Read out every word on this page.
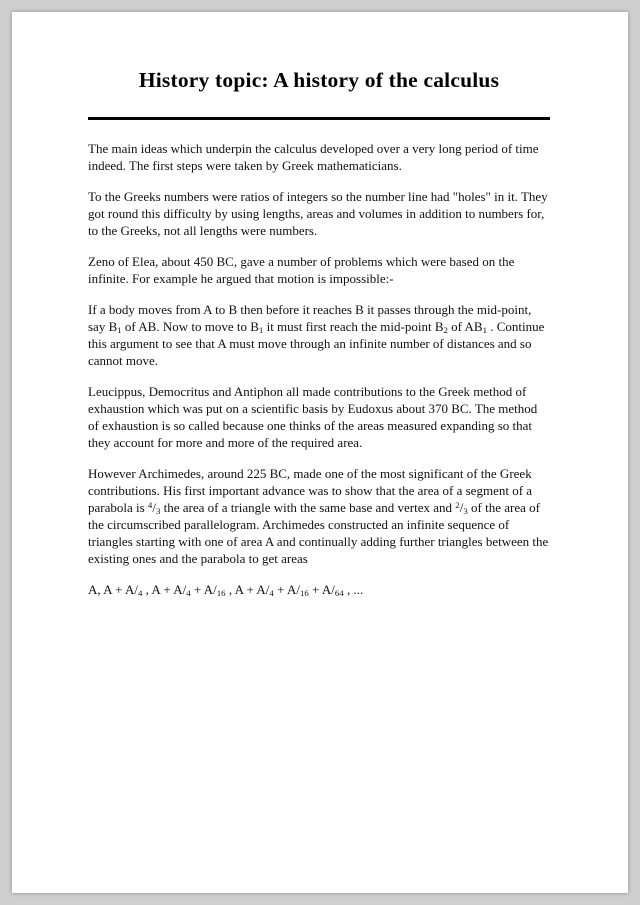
History topic: A history of the calculus

The main ideas which underpin the calculus developed over a very long period of time indeed. The first steps were taken by Greek mathematicians.

To the Greeks numbers were ratios of integers so the number line had "holes" in it. They got round this difficulty by using lengths, areas and volumes in addition to numbers for, to the Greeks, not all lengths were numbers.

Zeno of Elea, about 450 BC, gave a number of problems which were based on the infinite. For example he argued that motion is impossible:-

If a body moves from A to B then before it reaches B it passes through the mid-point, say $B_1$ of AB. Now to move to $B_1$ it must first reach the mid-point $B_2$ of $AB_1$ . Continue this argument to see that A must move through an infinite number of distances and so cannot move.

Leucippus, Democritus and Antiphon all made contributions to the Greek method of exhaustion which was put on a scientific basis by Eudoxus about 370 BC. The method of exhaustion is so called because one thinks of the areas measured expanding so that they account for more and more of the required area.

However Archimedes, around 225 BC, made one of the most significant of the Greek contributions. His first important advance was to show that the area of a segment of a parabola is $^4/_3$ the area of a triangle with the same base and vertex and $^2/_3$ of the area of the circumscribed parallelogram. Archimedes constructed an infinite sequence of triangles starting with one of area A and continually adding further triangles between the existing ones and the parabola to get areas

A, $A + A/_4$ , $A + A/_4 + A/_{16}$ , $A + A/_4 + A/_{16} + A/_{64}$ , ...
